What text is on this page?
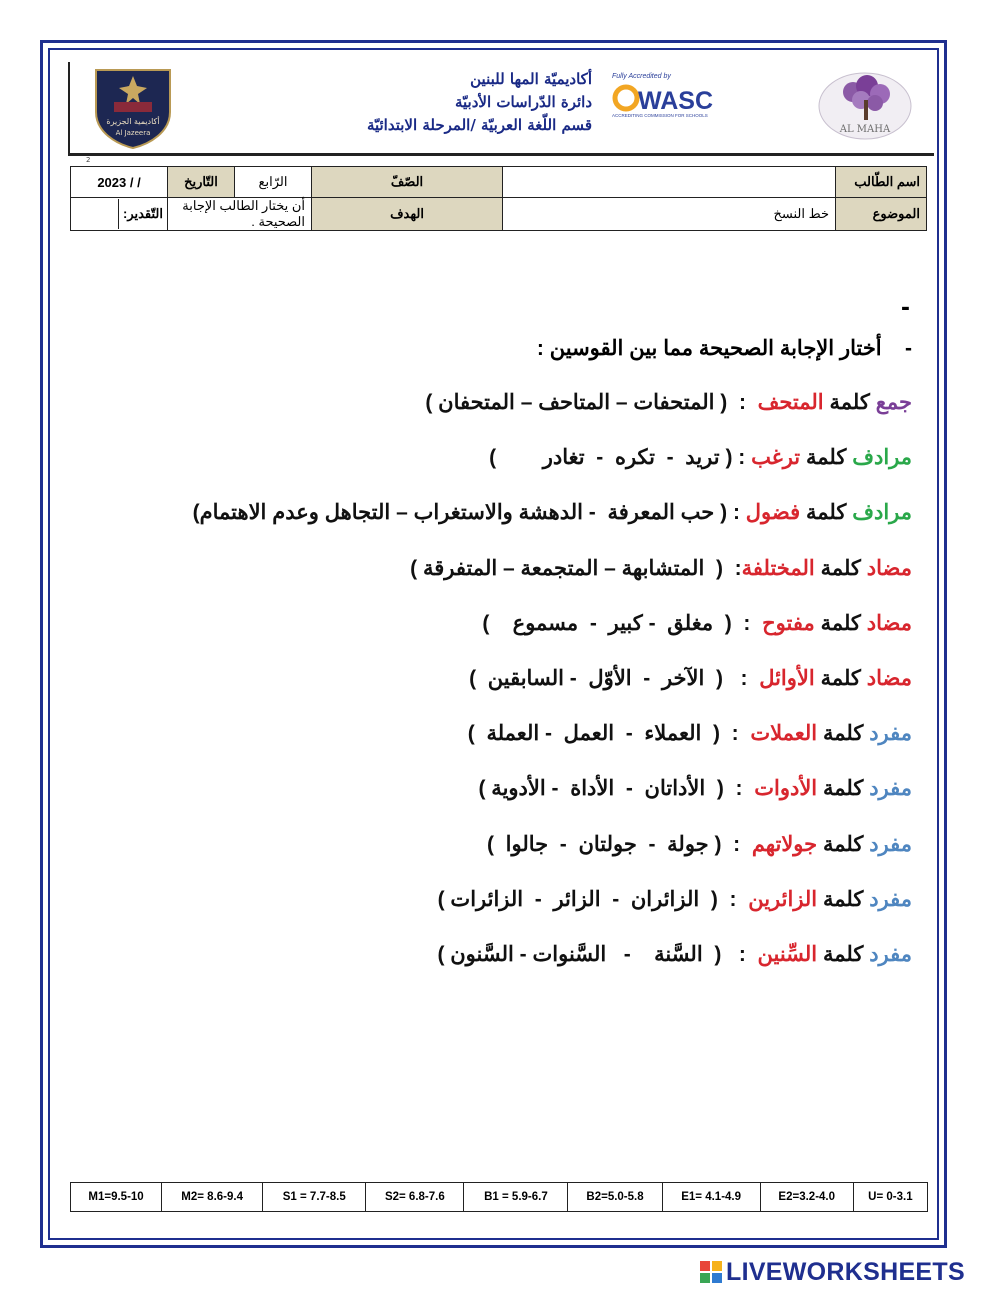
أكاديمية الجزيرة
Al Jazeera
Fully Accredited by
WASC
ACCREDITING COMMISSION FOR SCHOOLS
AL MAHA
أكاديميّة المها للبنين
دائرة الدّراسات الأدبيّة
قسم اللّغة العربيّة /المرحلة الابتدائيّة
2
اسم الطّالب		الصّفّ	الرّابع	التّاريخ	2023 / /
الموضوع	خط النسخ	الهدف	أن يختار الطالب الإجابة الصحيحة .		التّقدير:
-
-    أختار الإجابة الصحيحة مما بين القوسين :
جمع كلمة المتحف  :  ( المتحفات – المتاحف – المتحفان )
مرادف كلمة ترغب : ( تريد  -  تكره  -  تغادر        )
مرادف كلمة فضول : ( حب المعرفة  - الدهشة والاستغراب – التجاهل وعدم الاهتمام)
مضاد كلمة المختلفة:  (  المتشابهة – المتجمعة – المتفرقة )
مضاد كلمة مفتوح  :  (  مغلق  - كبير  -  مسموع    )
مضاد كلمة الأوائل  :   (  الآخر  -  الأوّل  - السابقين  )
مفرد كلمة العملات  :  (  العملاء  -  العمل  - العملة  )
مفرد كلمة الأدوات  :  (  الأداتان  -  الأداة  - الأدوية )
مفرد كلمة جولاتهم  :  ( جولة  -  جولتان  -  جالوا  )
مفرد كلمة الزائرين  :  (  الزائران  -  الزائر  -  الزائرات )
مفرد كلمة السِّنين  :   (  السَّنة    -   السَّنوات - السَّنون )
M1=9.5-10	M2= 8.6-9.4	S1 = 7.7-8.5	S2= 6.8-7.6	B1 = 5.9-6.7	B2=5.0-5.8	E1= 4.1-4.9	E2=3.2-4.0	U= 0-3.1
LIVEWORKSHEETS
